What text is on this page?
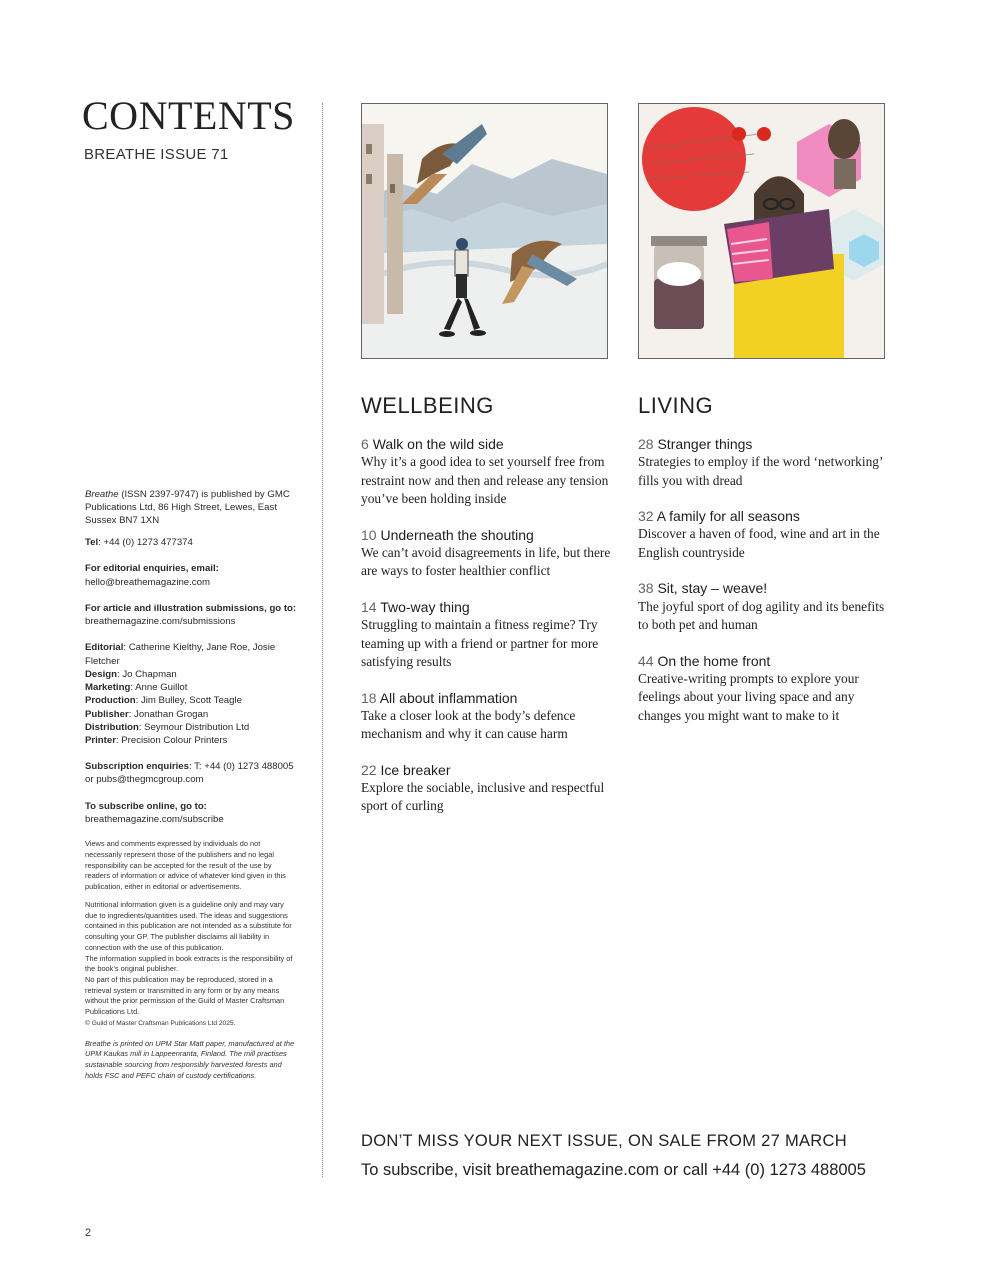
CONTENTS
BREATHE ISSUE 71

Breathe (ISSN 2397-9747) is published by GMC Publications Ltd, 86 High Street, Lewes, East Sussex BN7 1XN

Tel: +44 (0) 1273 477374

For editorial enquiries, email:
hello@breathemagazine.com

For article and illustration submissions, go to:
breathemagazine.com/submissions

Editorial: Catherine Kielthy, Jane Roe, Josie Fletcher
Design: Jo Chapman
Marketing: Anne Guillot
Production: Jim Bulley, Scott Teagle
Publisher: Jonathan Grogan
Distribution: Seymour Distribution Ltd
Printer: Precision Colour Printers

Subscription enquiries: T: +44 (0) 1273 488005 or pubs@thegmcgroup.com

To subscribe online, go to:
breathemagazine.com/subscribe

Views and comments expressed by individuals do not necessarily represent those of the publishers and no legal responsibility can be accepted for the result of the use by readers of information or advice of whatever kind given in this publication, either in editorial or advertisements.

Nutritional information given is a guideline only and may vary due to ingredients/quantities used. The ideas and suggestions contained in this publication are not intended as a substitute for consulting your GP. The publisher disclaims all liability in connection with the use of this publication.
The information supplied in book extracts is the responsibility of the book’s original publisher.
No part of this publication may be reproduced, stored in a retrieval system or transmitted in any form or by any means without the prior permission of the Guild of Master Craftsman Publications Ltd.
© Guild of Master Craftsman Publications Ltd 2025.

Breathe is printed on UPM Star Matt paper, manufactured at the UPM Kaukas mill in Lappeenranta, Finland. The mill practises sustainable sourcing from responsibly harvested forests and holds FSC and PEFC chain of custody certifications.

2
WELLBEING
6 Walk on the wild side
Why it’s a good idea to set yourself free from restraint now and then and release any tension you’ve been holding inside
10 Underneath the shouting
We can’t avoid disagreements in life, but there are ways to foster healthier conflict
14 Two-way thing
Struggling to maintain a fitness regime? Try teaming up with a friend or partner for more satisfying results
18 All about inflammation
Take a closer look at the body’s defence mechanism and why it can cause harm
22 Ice breaker
Explore the sociable, inclusive and respectful sport of curling
LIVING
28 Stranger things
Strategies to employ if the word ‘networking’ fills you with dread
32 A family for all seasons
Discover a haven of food, wine and art in the English countryside
38 Sit, stay – weave!
The joyful sport of dog agility and its benefits to both pet and human
44 On the home front
Creative-writing prompts to explore your feelings about your living space and any changes you might want to make to it
DON’T MISS YOUR NEXT ISSUE, ON SALE FROM 27 MARCH
To subscribe, visit breathemagazine.com or call +44 (0) 1273 488005
